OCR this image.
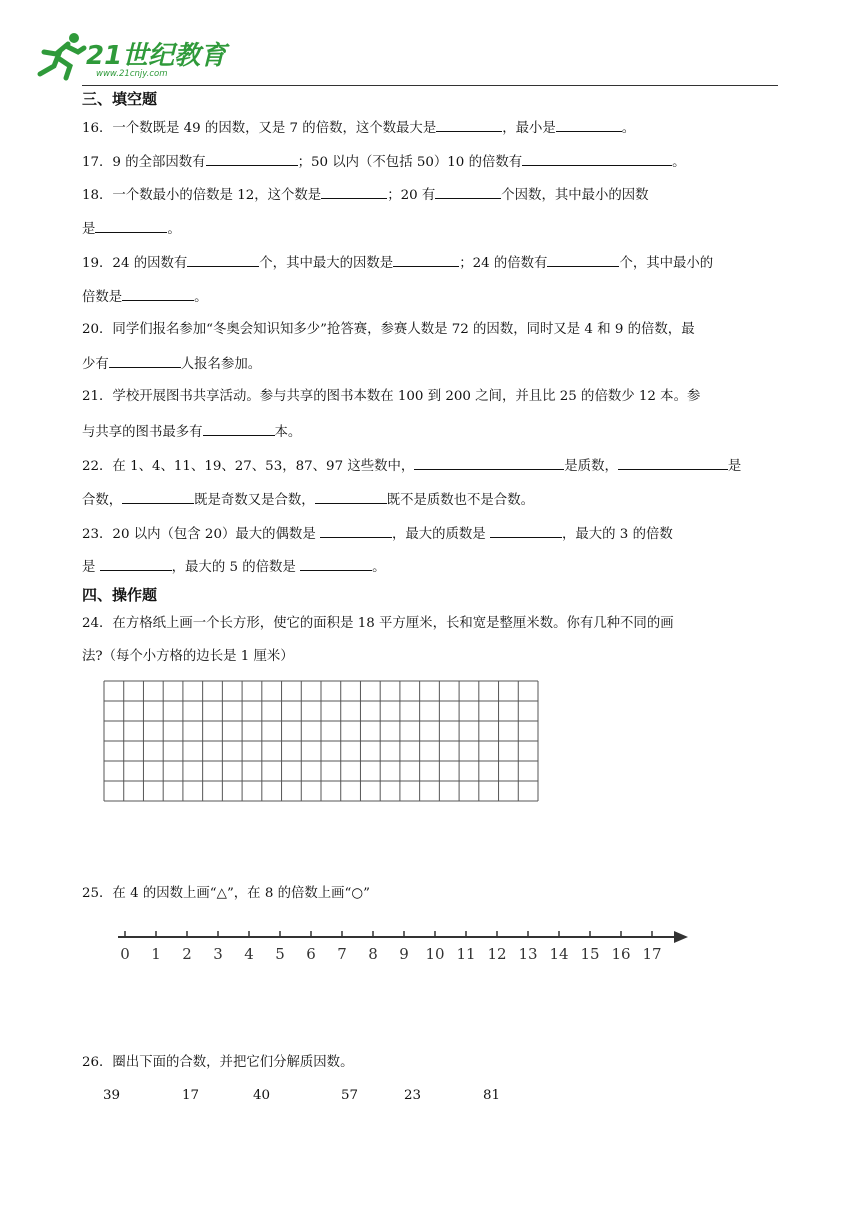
21世纪教育
www.21cnjy.com
三、填空题
16．一个数既是 49 的因数，又是 7 的倍数，这个数最大是	，最小是	。
17．9 的全部因数有	；50 以内（不包括 50）10 的倍数有	。
18．一个数最小的倍数是 12，这个数是	；20 有	个因数，其中最小的因数
是	。
19．24 的因数有	个，其中最大的因数是	；24 的倍数有	个，其中最小的
倍数是	。
20．同学们报名参加“冬奥会知识知多少”抢答赛，参赛人数是 72 的因数，同时又是 4 和 9 的倍数，最
少有	人报名参加。
21．学校开展图书共享活动。参与共享的图书本数在 100 到 200 之间，并且比 25 的倍数少 12 本。参
与共享的图书最多有	本。
22．在 1、4、11、19、27、53，87、97 这些数中，	是质数，	是
合数，	既是奇数又是合数，	既不是质数也不是合数。
23．20 以内（包含 20）最大的偶数是	，最大的质数是	，最大的 3 的倍数
是	，最大的 5 的倍数是	。
四、操作题
24．在方格纸上画一个长方形，使它的面积是 18 平方厘米，长和宽是整厘米数。你有几种不同的画
法?（每个小方格的边长是 1 厘米）
25．在 4 的因数上画“△”，在 8 的倍数上画“○”
0 1 2 3 4 5 6 7 8 9 10 11 12 13 14 15 16 17
26．圈出下面的合数，并把它们分解质因数。
39	17	40	57	23	81
